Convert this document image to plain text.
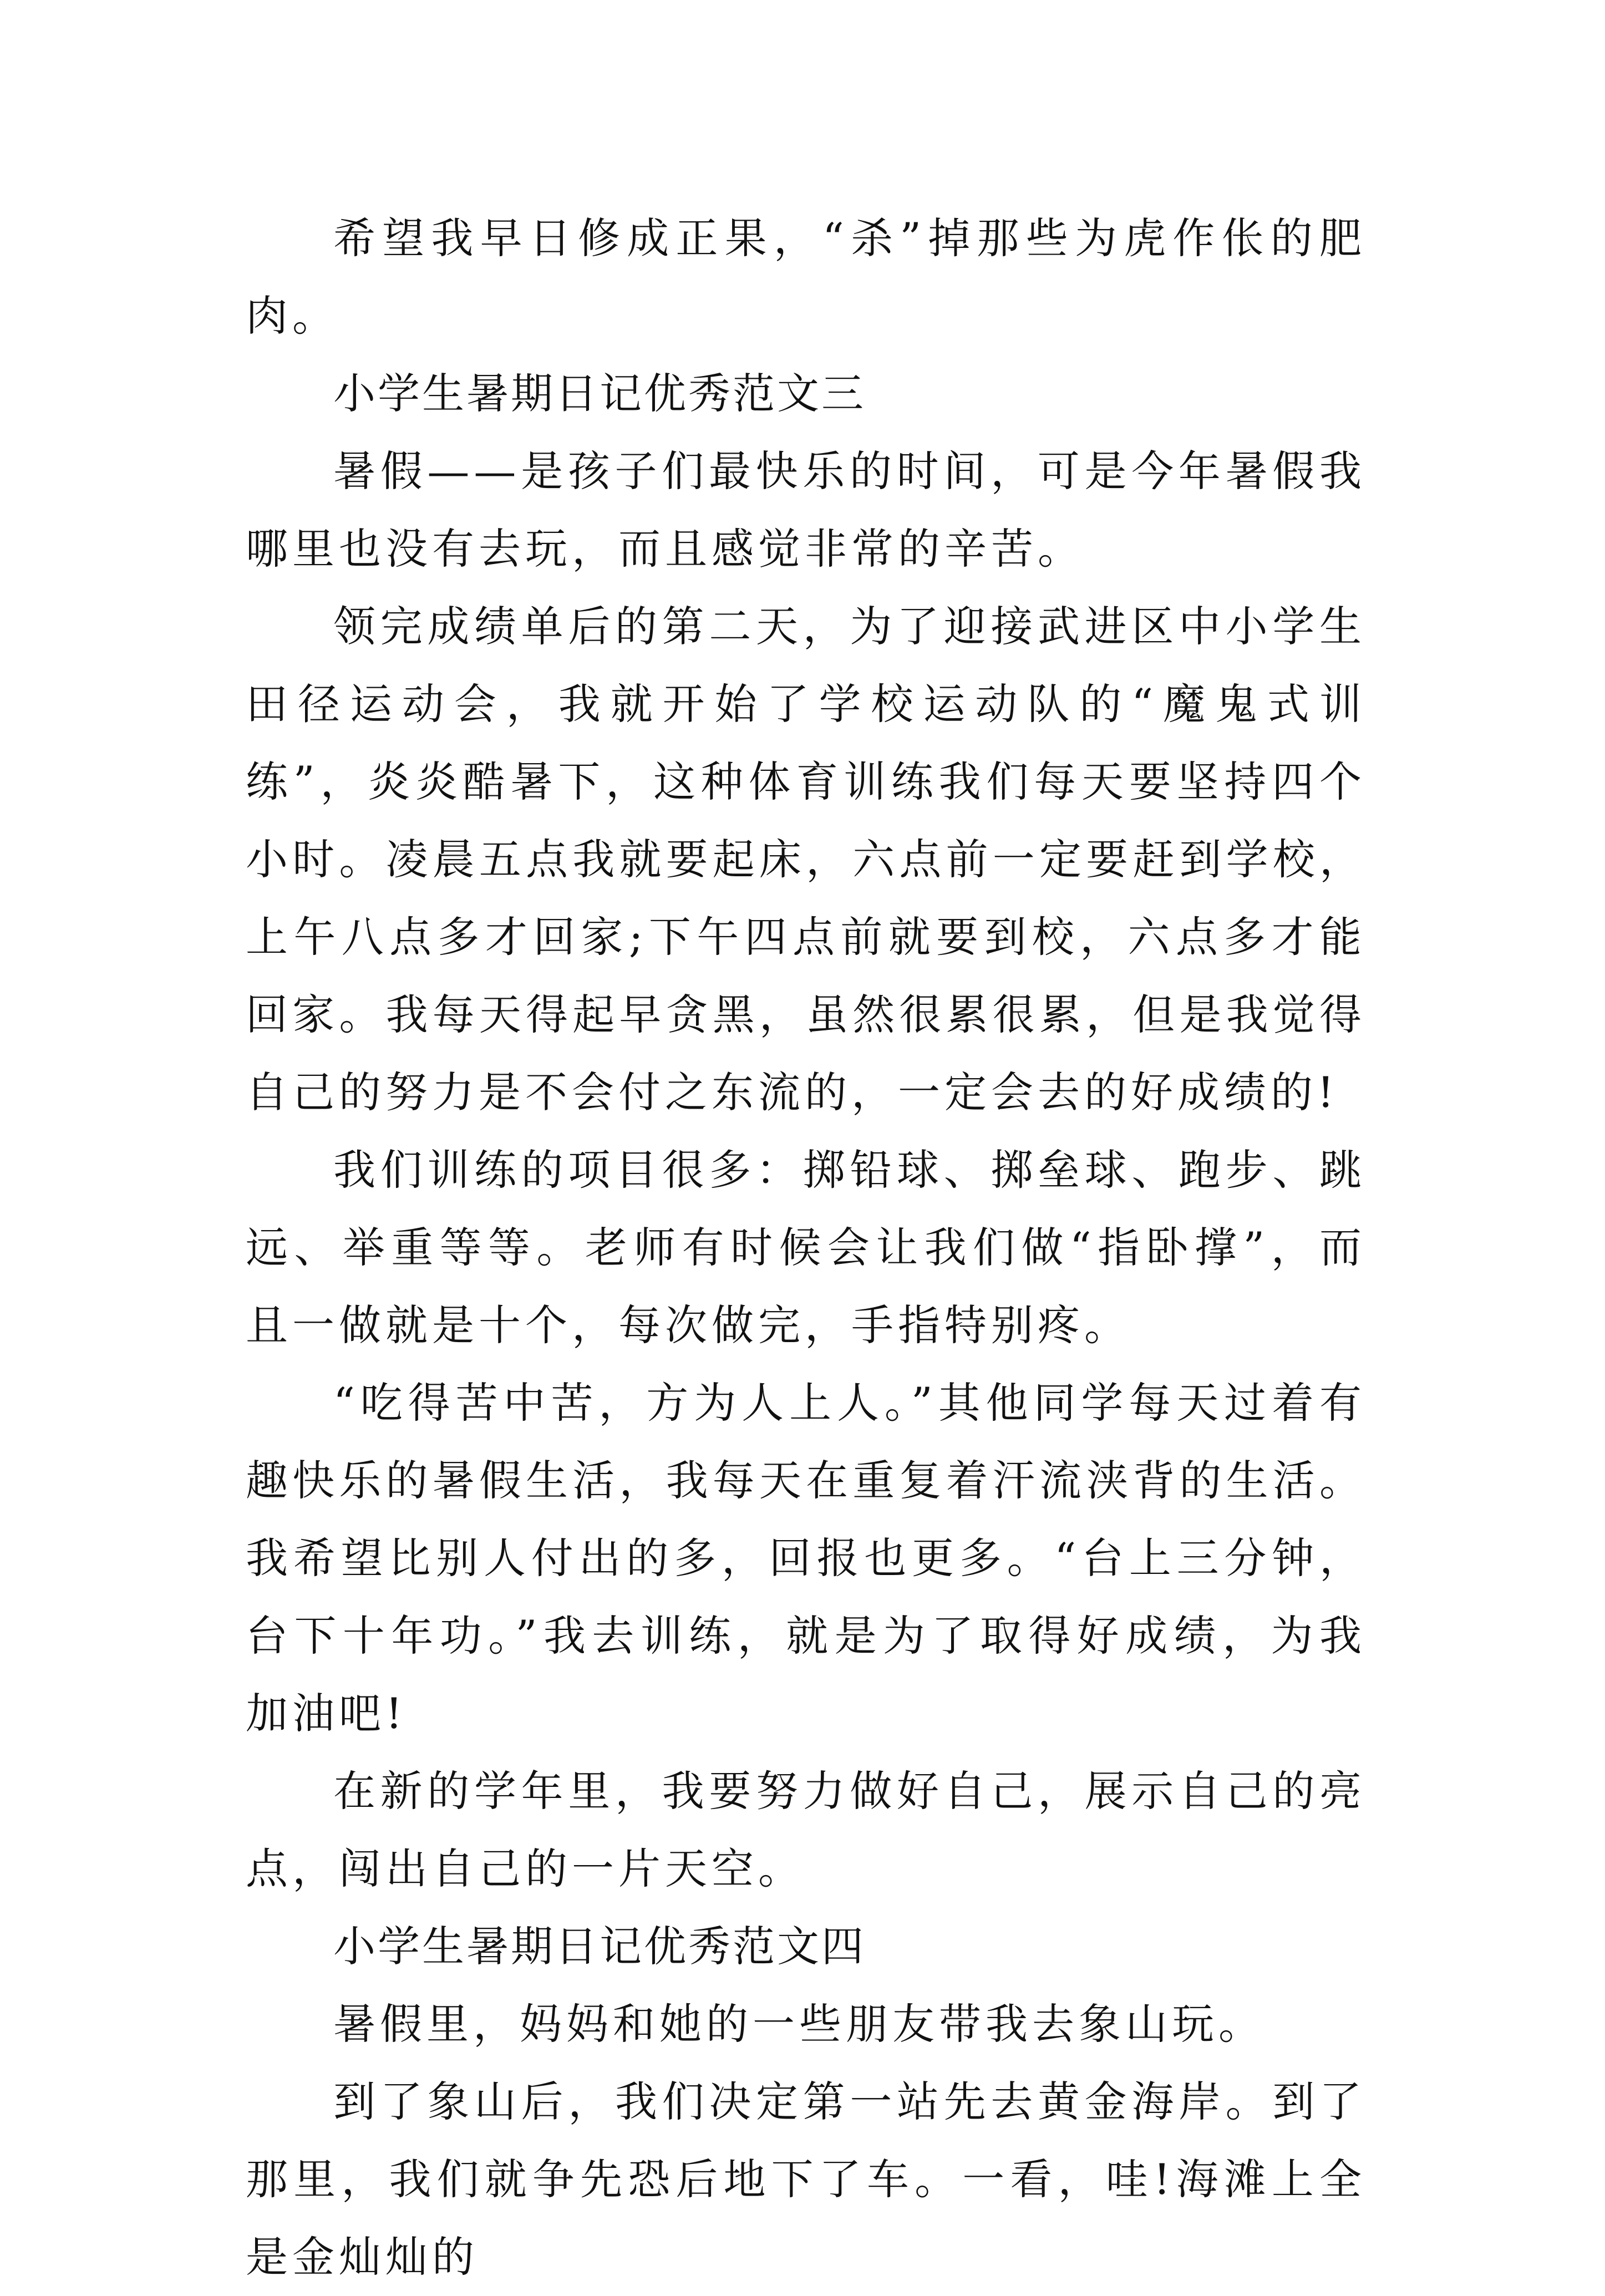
希望我早日修成正果，“杀”掉那些为虎作伥的肥肉。

小学生暑期日记优秀范文三

暑假——是孩子们最快乐的时间，可是今年暑假我哪里也没有去玩，而且感觉非常的辛苦。

领完成绩单后的第二天，为了迎接武进区中小学生田径运动会，我就开始了学校运动队的“魔鬼式训练”，炎炎酷暑下，这种体育训练我们每天要坚持四个小时。凌晨五点我就要起床，六点前一定要赶到学校，上午八点多才回家;下午四点前就要到校，六点多才能回家。我每天得起早贪黑，虽然很累很累，但是我觉得自己的努力是不会付之东流的，一定会去的好成绩的!

我们训练的项目很多：掷铅球、掷垒球、跑步、跳远、举重等等。老师有时候会让我们做“指卧撑”，而且一做就是十个，每次做完，手指特别疼。

“吃得苦中苦，方为人上人。”其他同学每天过着有趣快乐的暑假生活，我每天在重复着汗流浃背的生活。我希望比别人付出的多，回报也更多。“台上三分钟，台下十年功。”我去训练，就是为了取得好成绩，为我加油吧!

在新的学年里，我要努力做好自己，展示自己的亮点，闯出自己的一片天空。

小学生暑期日记优秀范文四

暑假里，妈妈和她的一些朋友带我去象山玩。

到了象山后，我们决定第一站先去黄金海岸。到了那里，我们就争先恐后地下了车。一看，哇!海滩上全是金灿灿的
